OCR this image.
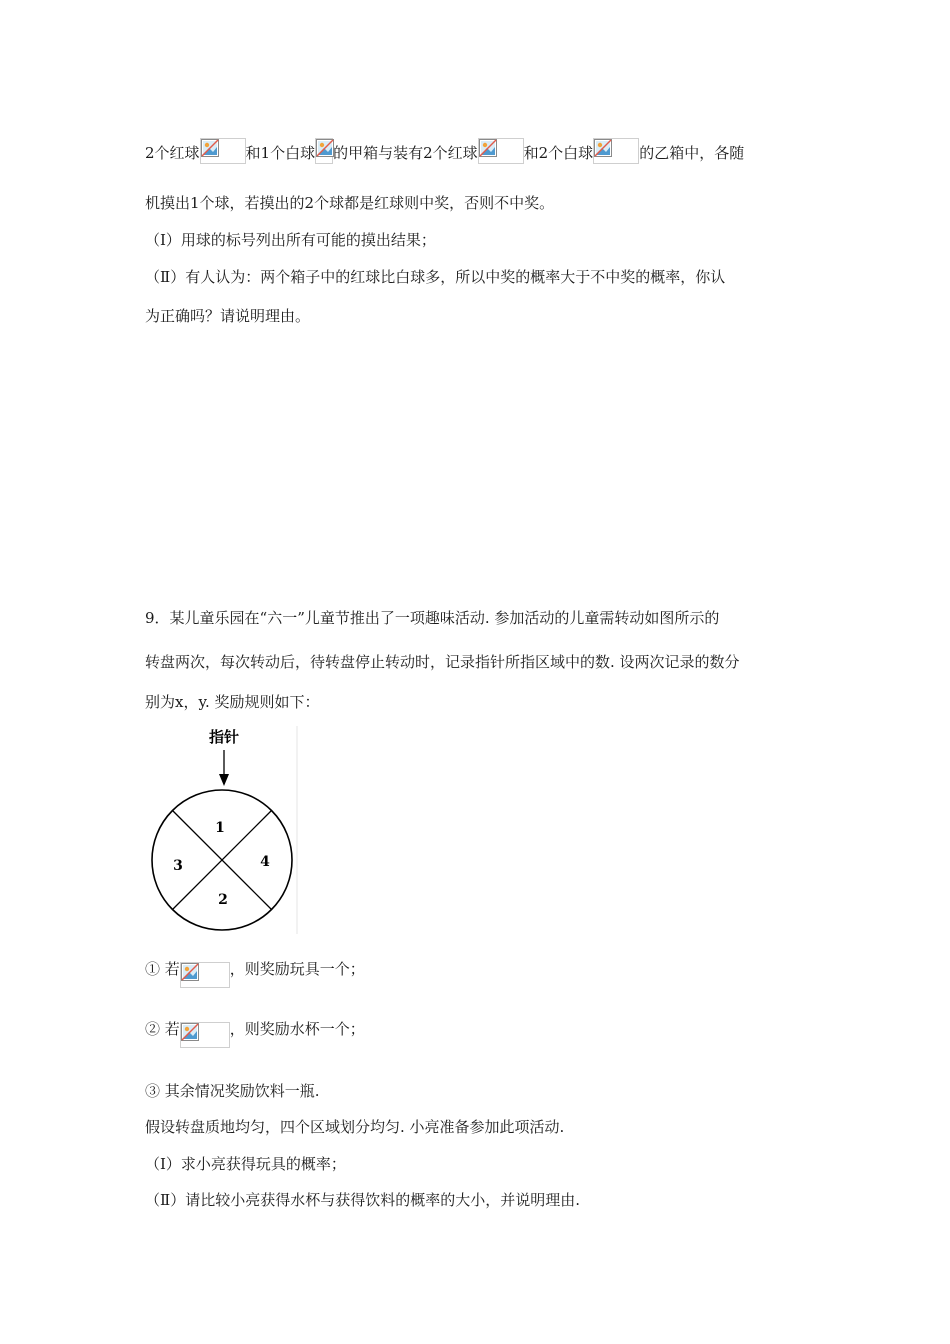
2个红球	和1个白球 的甲箱与装有2个红球	和2个白球	的乙箱中，各随
机摸出1个球，若摸出的2个球都是红球则中奖，否则不中奖。
（Ⅰ）用球的标号列出所有可能的摸出结果；
（Ⅱ）有人认为：两个箱子中的红球比白球多，所以中奖的概率大于不中奖的概率，你认
为正确吗？请说明理由。
9．某儿童乐园在“六一”儿童节推出了一项趣味活动. 参加活动的儿童需转动如图所示的
转盘两次，每次转动后，待转盘停止转动时，记录指针所指区域中的数. 设两次记录的数分
别为x，y. 奖励规则如下：
指针
1
4
2
3
① 若	，则奖励玩具一个；
② 若	，则奖励水杯一个；
③ 其余情况奖励饮料一瓶.
假设转盘质地均匀，四个区域划分均匀. 小亮准备参加此项活动.
（Ⅰ）求小亮获得玩具的概率；
（Ⅱ）请比较小亮获得水杯与获得饮料的概率的大小，并说明理由.
